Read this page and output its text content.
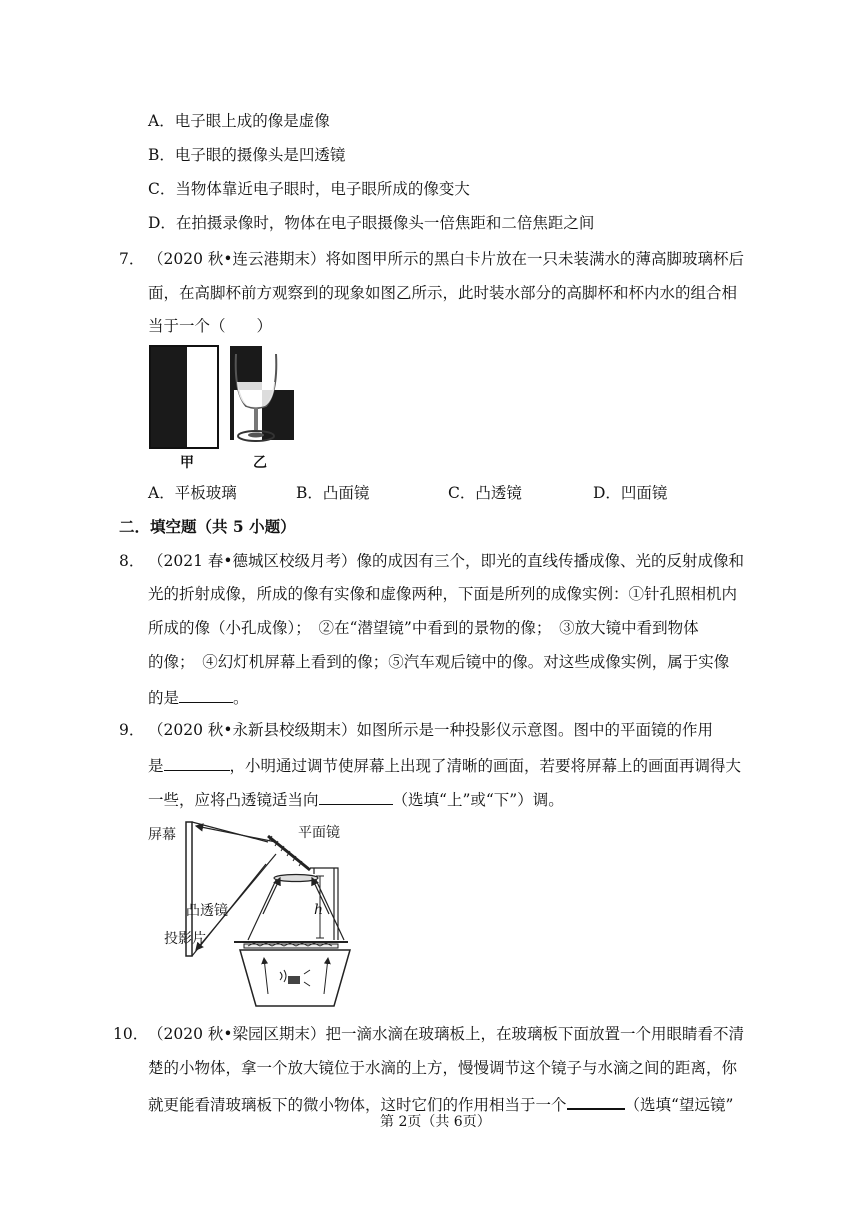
A．电子眼上成的像是虚像
B．电子眼的摄像头是凹透镜
C．当物体靠近电子眼时，电子眼所成的像变大
D．在拍摄录像时，物体在电子眼摄像头一倍焦距和二倍焦距之间
7． （2020 秋•连云港期末）将如图甲所示的黑白卡片放在一只未装满水的薄高脚玻璃杯后
面，在高脚杯前方观察到的现象如图乙所示，此时装水部分的高脚杯和杯内水的组合相
当于一个（　　）
甲	乙
A．平板玻璃	B．凸面镜	C．凸透镜	D．凹面镜
二．填空题（共 5 小题）
8． （2021 春•德城区校级月考）像的成因有三个，即光的直线传播成像、光的反射成像和
光的折射成像，所成的像有实像和虚像两种，下面是所列的成像实例：①针孔照相机内
所成的像（小孔成像）；　②在“潜望镜”中看到的景物的像；　③放大镜中看到物体
的像；　④幻灯机屏幕上看到的像；⑤汽车观后镜中的像。对这些成像实例，属于实像
的是	。
9． （2020 秋•永新县校级期末）如图所示是一种投影仪示意图。图中的平面镜的作用
是	，小明通过调节使屏幕上出现了清晰的画面，若要将屏幕上的画面再调得大
一些，应将凸透镜适当向	（选填“上”或“下”）调。
屏幕	平面镜
凸透镜
投影片
h
10． （2020 秋•梁园区期末）把一滴水滴在玻璃板上，在玻璃板下面放置一个用眼睛看不清
楚的小物体，拿一个放大镜位于水滴的上方，慢慢调节这个镜子与水滴之间的距离，你
就更能看清玻璃板下的微小物体，这时它们的作用相当于一个	（选填“望远镜”
第 2页（共 6页）
